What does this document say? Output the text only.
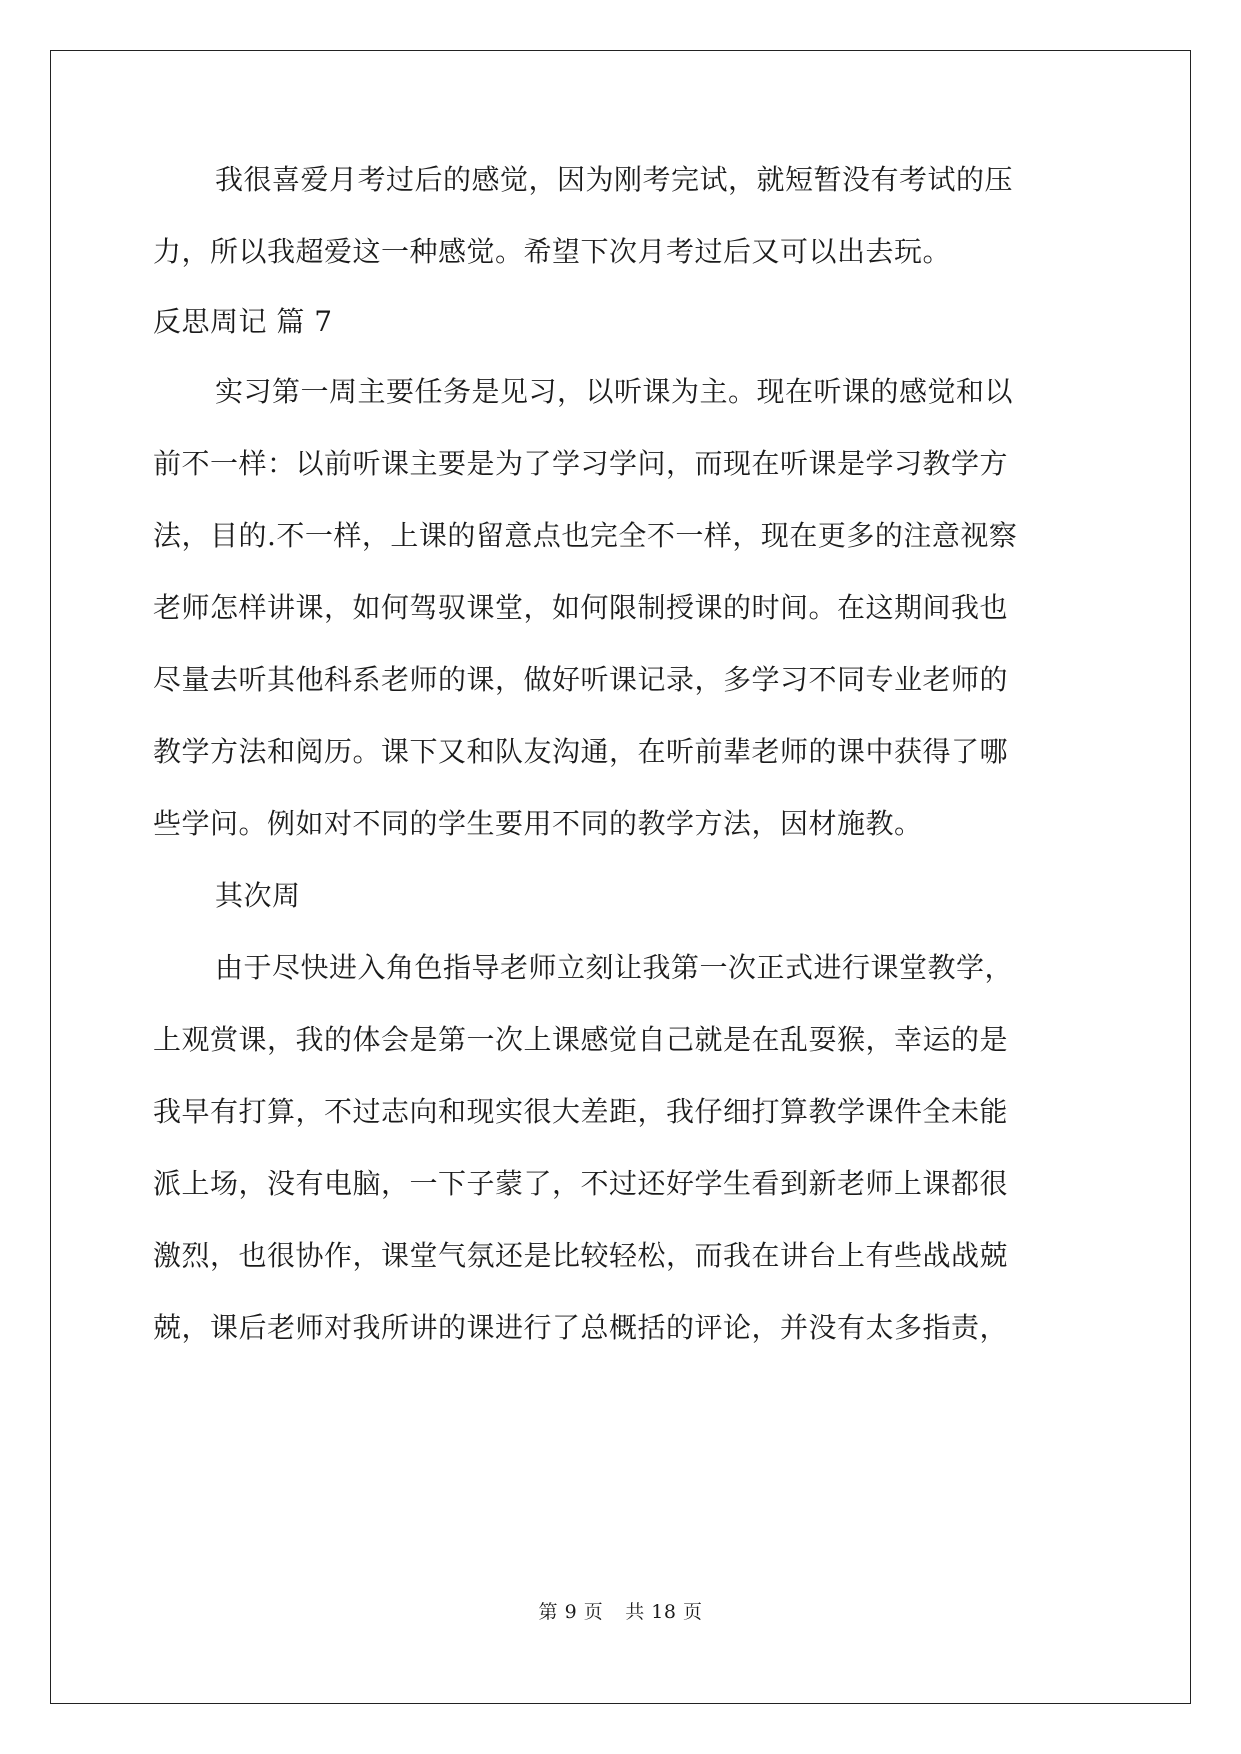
我很喜爱月考过后的感觉，因为刚考完试，就短暂没有考试的压
力，所以我超爱这一种感觉。希望下次月考过后又可以出去玩。
反思周记 篇 7
实习第一周主要任务是见习，以听课为主。现在听课的感觉和以
前不一样：以前听课主要是为了学习学问，而现在听课是学习教学方
法，目的.不一样，上课的留意点也完全不一样，现在更多的注意视察
老师怎样讲课，如何驾驭课堂，如何限制授课的时间。在这期间我也
尽量去听其他科系老师的课，做好听课记录，多学习不同专业老师的
教学方法和阅历。课下又和队友沟通，在听前辈老师的课中获得了哪
些学问。例如对不同的学生要用不同的教学方法，因材施教。
其次周
由于尽快进入角色指导老师立刻让我第一次正式进行课堂教学，
上观赏课，我的体会是第一次上课感觉自己就是在乱耍猴，幸运的是
我早有打算，不过志向和现实很大差距，我仔细打算教学课件全未能
派上场，没有电脑，一下子蒙了，不过还好学生看到新老师上课都很
激烈，也很协作，课堂气氛还是比较轻松，而我在讲台上有些战战兢
兢，课后老师对我所讲的课进行了总概括的评论，并没有太多指责，
第 9 页 共 18 页
